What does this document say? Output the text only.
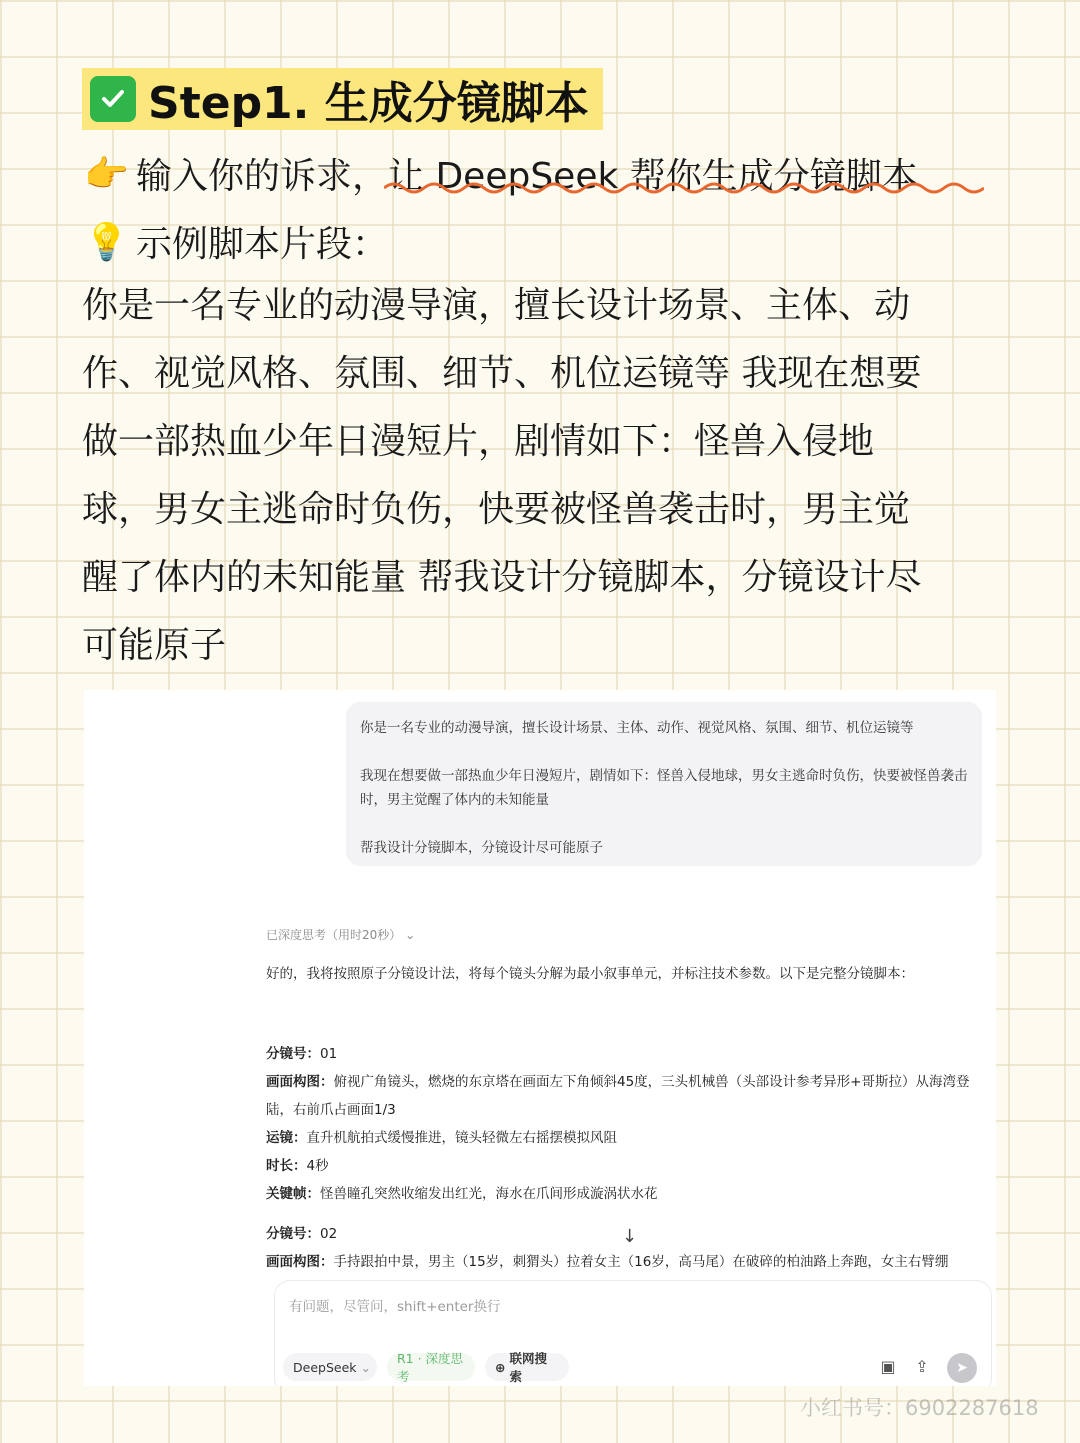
Step1. 生成分镜脚本
👉 输入你的诉求，让 DeepSeek 帮你生成分镜脚本
💡 示例脚本片段：
你是一名专业的动漫导演，擅长设计场景、主体、动
作、视觉风格、氛围、细节、机位运镜等 我现在想要
做一部热血少年日漫短片，剧情如下：怪兽入侵地
球，男女主逃命时负伤，快要被怪兽袭击时，男主觉
醒了体内的未知能量 帮我设计分镜脚本，分镜设计尽
可能原子

你是一名专业的动漫导演，擅长设计场景、主体、动作、视觉风格、氛围、细节、机位运镜等

我现在想要做一部热血少年日漫短片，剧情如下：怪兽入侵地球，男女主逃命时负伤，快要被怪兽袭击时，男主觉醒了体内的未知能量

帮我设计分镜脚本，分镜设计尽可能原子

已深度思考（用时20秒） ⌄
好的，我将按照原子分镜设计法，将每个镜头分解为最小叙事单元，并标注技术参数。以下是完整分镜脚本：
分镜号：01
画面构图：俯视广角镜头，燃烧的东京塔在画面左下角倾斜45度，三头机械兽（头部设计参考异形+哥斯拉）从海湾登陆，右前爪占画面1/3
运镜：直升机航拍式缓慢推进，镜头轻微左右摇摆模拟风阻
时长：4秒
关键帧：怪兽瞳孔突然收缩发出红光，海水在爪间形成漩涡状水花
分镜号：02
画面构图：手持跟拍中景，男主（15岁，刺猬头）拉着女主（16岁，高马尾）在破碎的柏油路上奔跑，女主右臂绷
↓
有问题，尽管问，shift+enter换行
DeepSeek ⌄
R1 · 深度思考
⊕
联网搜索
▣	⇪	➤
小红书号：6902287618
